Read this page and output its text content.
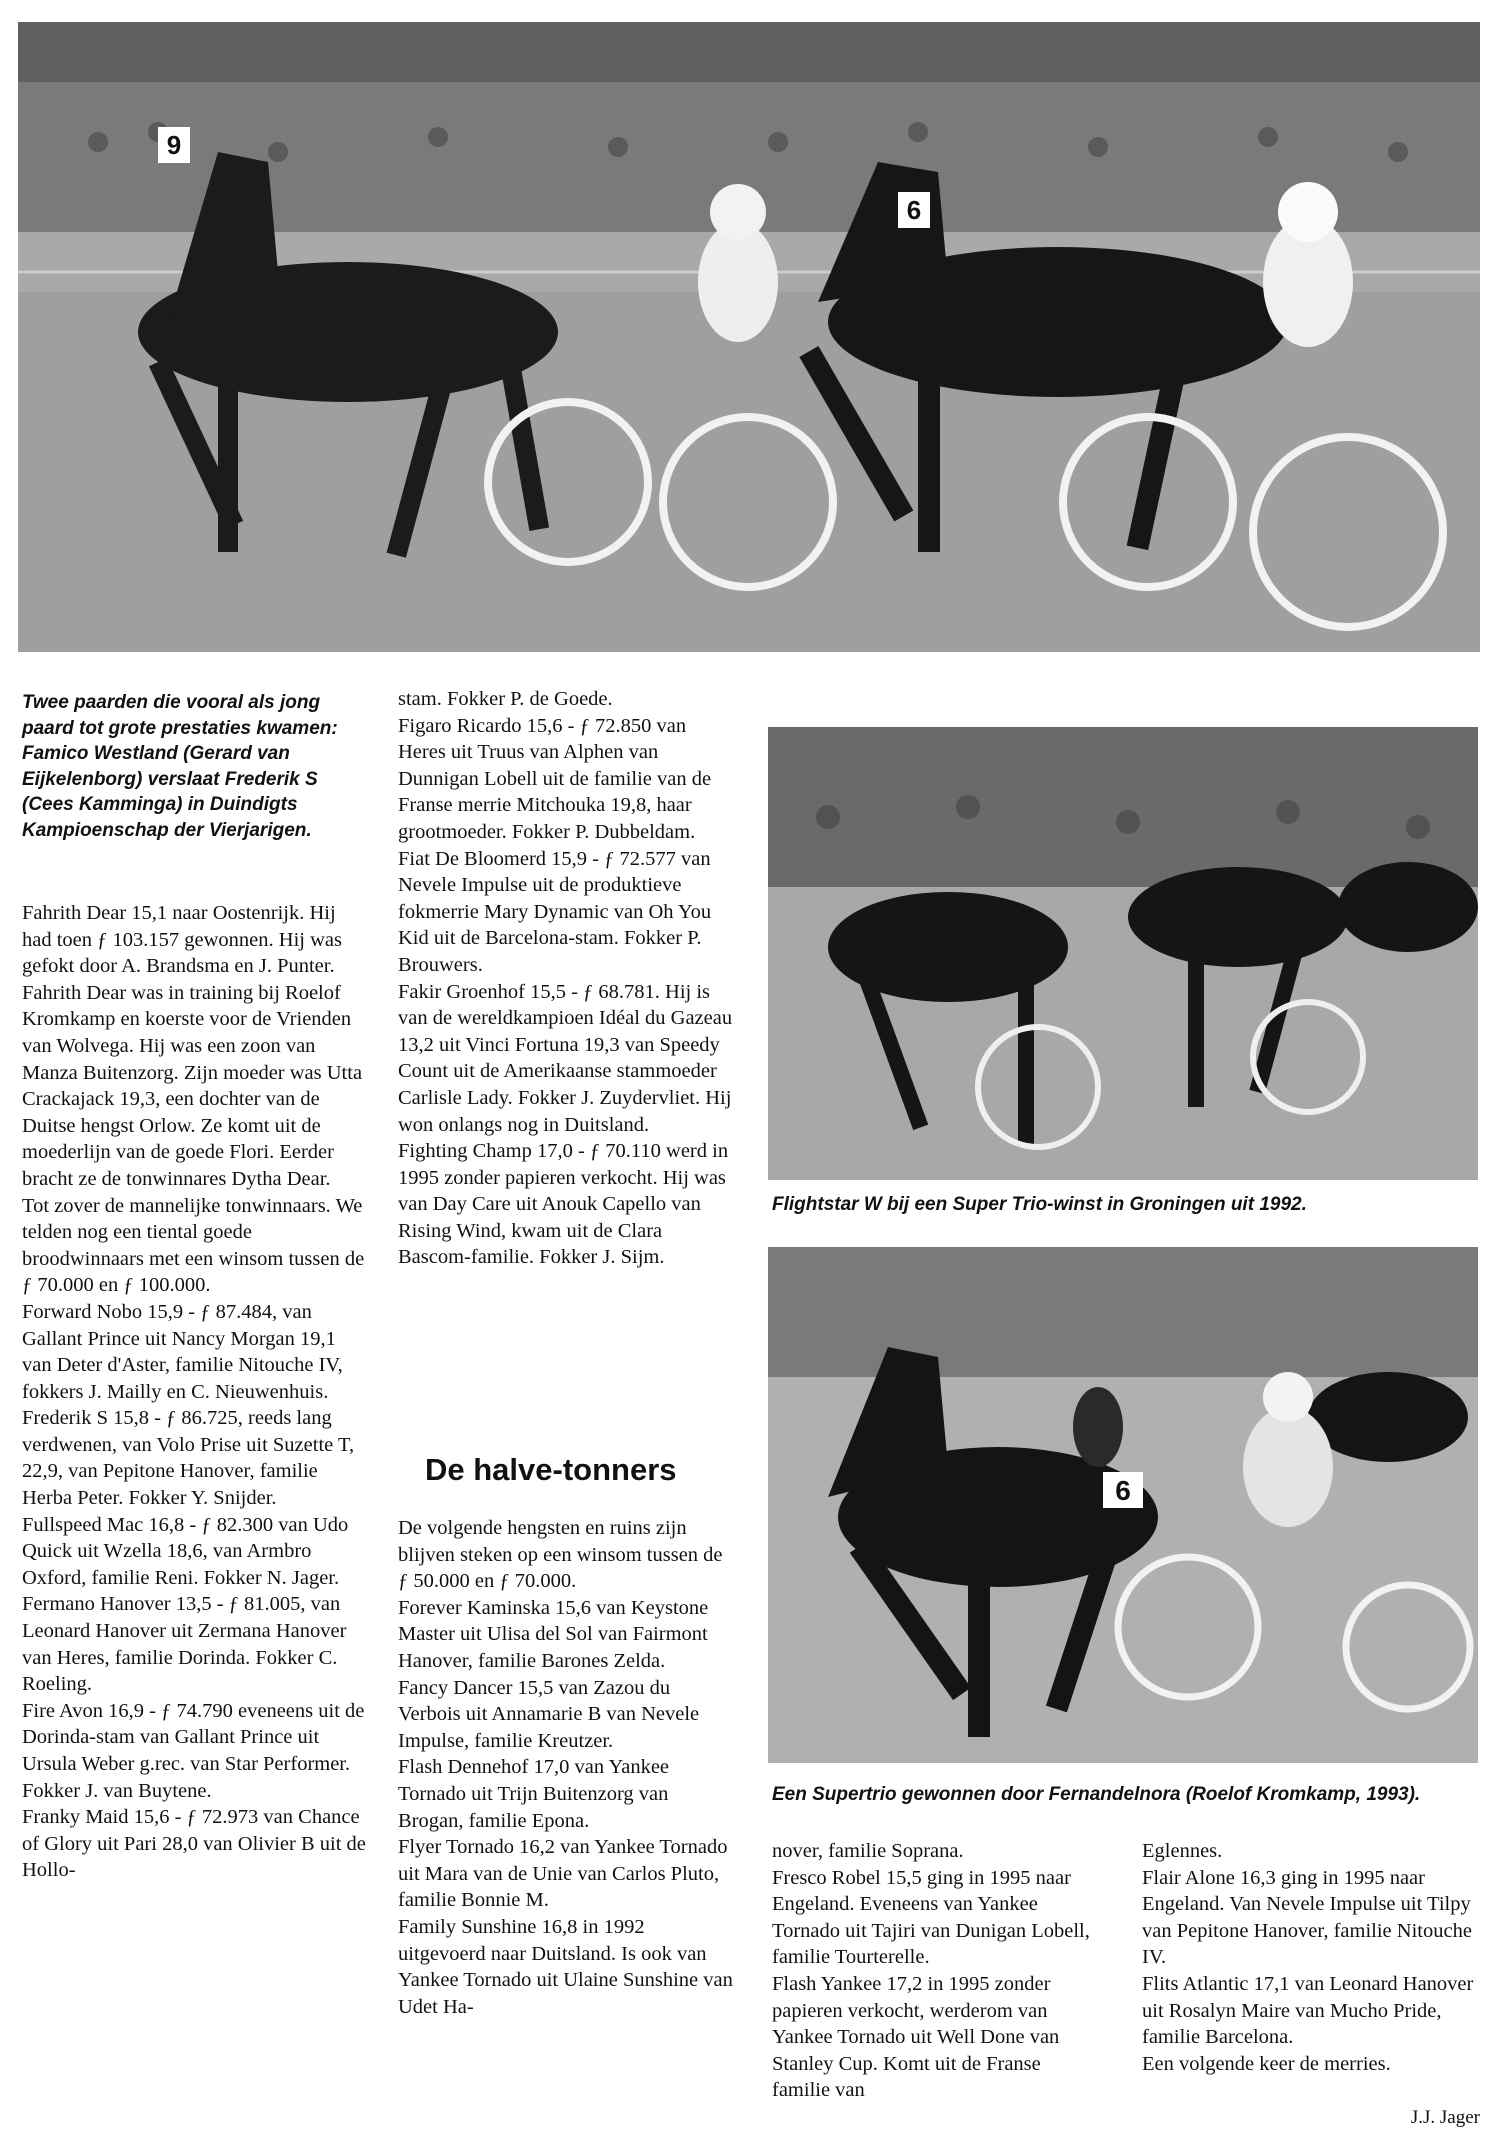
9
6
6

Twee paarden die vooral als jong paard tot grote prestaties kwamen: Famico Westland (Gerard van Eijkelenborg) verslaat Frederik S (Cees Kamminga) in Duindigts Kampioenschap der Vierjarigen.

Flightstar W bij een Super Trio-winst in Groningen uit 1992.

Een Supertrio gewonnen door Fernandelnora (Roelof Kromkamp, 1993).

Fahrith Dear 15,1 naar Oostenrijk. Hij had toen ƒ 103.157 gewonnen. Hij was gefokt door A. Brandsma en J. Punter. Fahrith Dear was in training bij Roelof Kromkamp en koerste voor de Vrienden van Wolvega. Hij was een zoon van Manza Buitenzorg. Zijn moeder was Utta Crackajack 19,3, een dochter van de Duitse hengst Orlow. Ze komt uit de moederlijn van de goede Flori. Eerder bracht ze de tonwinnares Dytha Dear.

Tot zover de mannelijke tonwinnaars. We telden nog een tiental goede broodwinnaars met een winsom tussen de ƒ 70.000 en ƒ 100.000.

Forward Nobo 15,9 - ƒ 87.484, van Gallant Prince uit Nancy Morgan 19,1 van Deter d'Aster, familie Nitouche IV, fokkers J. Mailly en C. Nieuwenhuis.

Frederik S 15,8 - ƒ 86.725, reeds lang verdwenen, van Volo Prise uit Suzette T, 22,9, van Pepitone Hanover, familie Herba Peter. Fokker Y. Snijder.

Fullspeed Mac 16,8 - ƒ 82.300 van Udo Quick uit Wzella 18,6, van Armbro Oxford, familie Reni. Fokker N. Jager.

Fermano Hanover 13,5 - ƒ 81.005, van Leonard Hanover uit Zermana Hanover van Heres, familie Dorinda. Fokker C. Roeling.

Fire Avon 16,9 - ƒ 74.790 eveneens uit de Dorinda-stam van Gallant Prince uit Ursula Weber g.rec. van Star Performer. Fokker J. van Buytene.

Franky Maid 15,6 - ƒ 72.973 van Chance of Glory uit Pari 28,0 van Olivier B uit de Hollo-

stam. Fokker P. de Goede.

Figaro Ricardo 15,6 - ƒ 72.850 van Heres uit Truus van Alphen van Dunnigan Lobell uit de familie van de Franse merrie Mitchouka 19,8, haar grootmoeder. Fokker P. Dubbeldam.

Fiat De Bloomerd 15,9 - ƒ 72.577 van Nevele Impulse uit de produktieve fokmerrie Mary Dynamic van Oh You Kid uit de Barcelona-stam. Fokker P. Brouwers.

Fakir Groenhof 15,5 - ƒ 68.781. Hij is van de wereldkampioen Idéal du Gazeau 13,2 uit Vinci Fortuna 19,3 van Speedy Count uit de Amerikaanse stammoeder Carlisle Lady. Fokker J. Zuydervliet. Hij won onlangs nog in Duitsland.

Fighting Champ 17,0 - ƒ 70.110 werd in 1995 zonder papieren verkocht. Hij was van Day Care uit Anouk Capello van Rising Wind, kwam uit de Clara Bascom-familie. Fokker J. Sijm.

De halve-tonners

De volgende hengsten en ruins zijn blijven steken op een winsom tussen de ƒ 50.000 en ƒ 70.000.

Forever Kaminska 15,6 van Keystone Master uit Ulisa del Sol van Fairmont Hanover, familie Barones Zelda.

Fancy Dancer 15,5 van Zazou du Verbois uit Annamarie B van Nevele Impulse, familie Kreutzer.

Flash Dennehof 17,0 van Yankee Tornado uit Trijn Buitenzorg van Brogan, familie Epona.

Flyer Tornado 16,2 van Yankee Tornado uit Mara van de Unie van Carlos Pluto, familie Bonnie M.

Family Sunshine 16,8 in 1992 uitgevoerd naar Duitsland. Is ook van Yankee Tornado uit Ulaine Sunshine van Udet Ha-

nover, familie Soprana.

Fresco Robel 15,5 ging in 1995 naar Engeland. Eveneens van Yankee Tornado uit Tajiri van Dunigan Lobell, familie Tourterelle.

Flash Yankee 17,2 in 1995 zonder papieren verkocht, werderom van Yankee Tornado uit Well Done van Stanley Cup. Komt uit de Franse familie van

Eglennes.

Flair Alone 16,3 ging in 1995 naar Engeland. Van Nevele Impulse uit Tilpy van Pepitone Hanover, familie Nitouche IV.

Flits Atlantic 17,1 van Leonard Hanover uit Rosalyn Maire van Mucho Pride, familie Barcelona.

Een volgende keer de merries.

J.J. Jager
